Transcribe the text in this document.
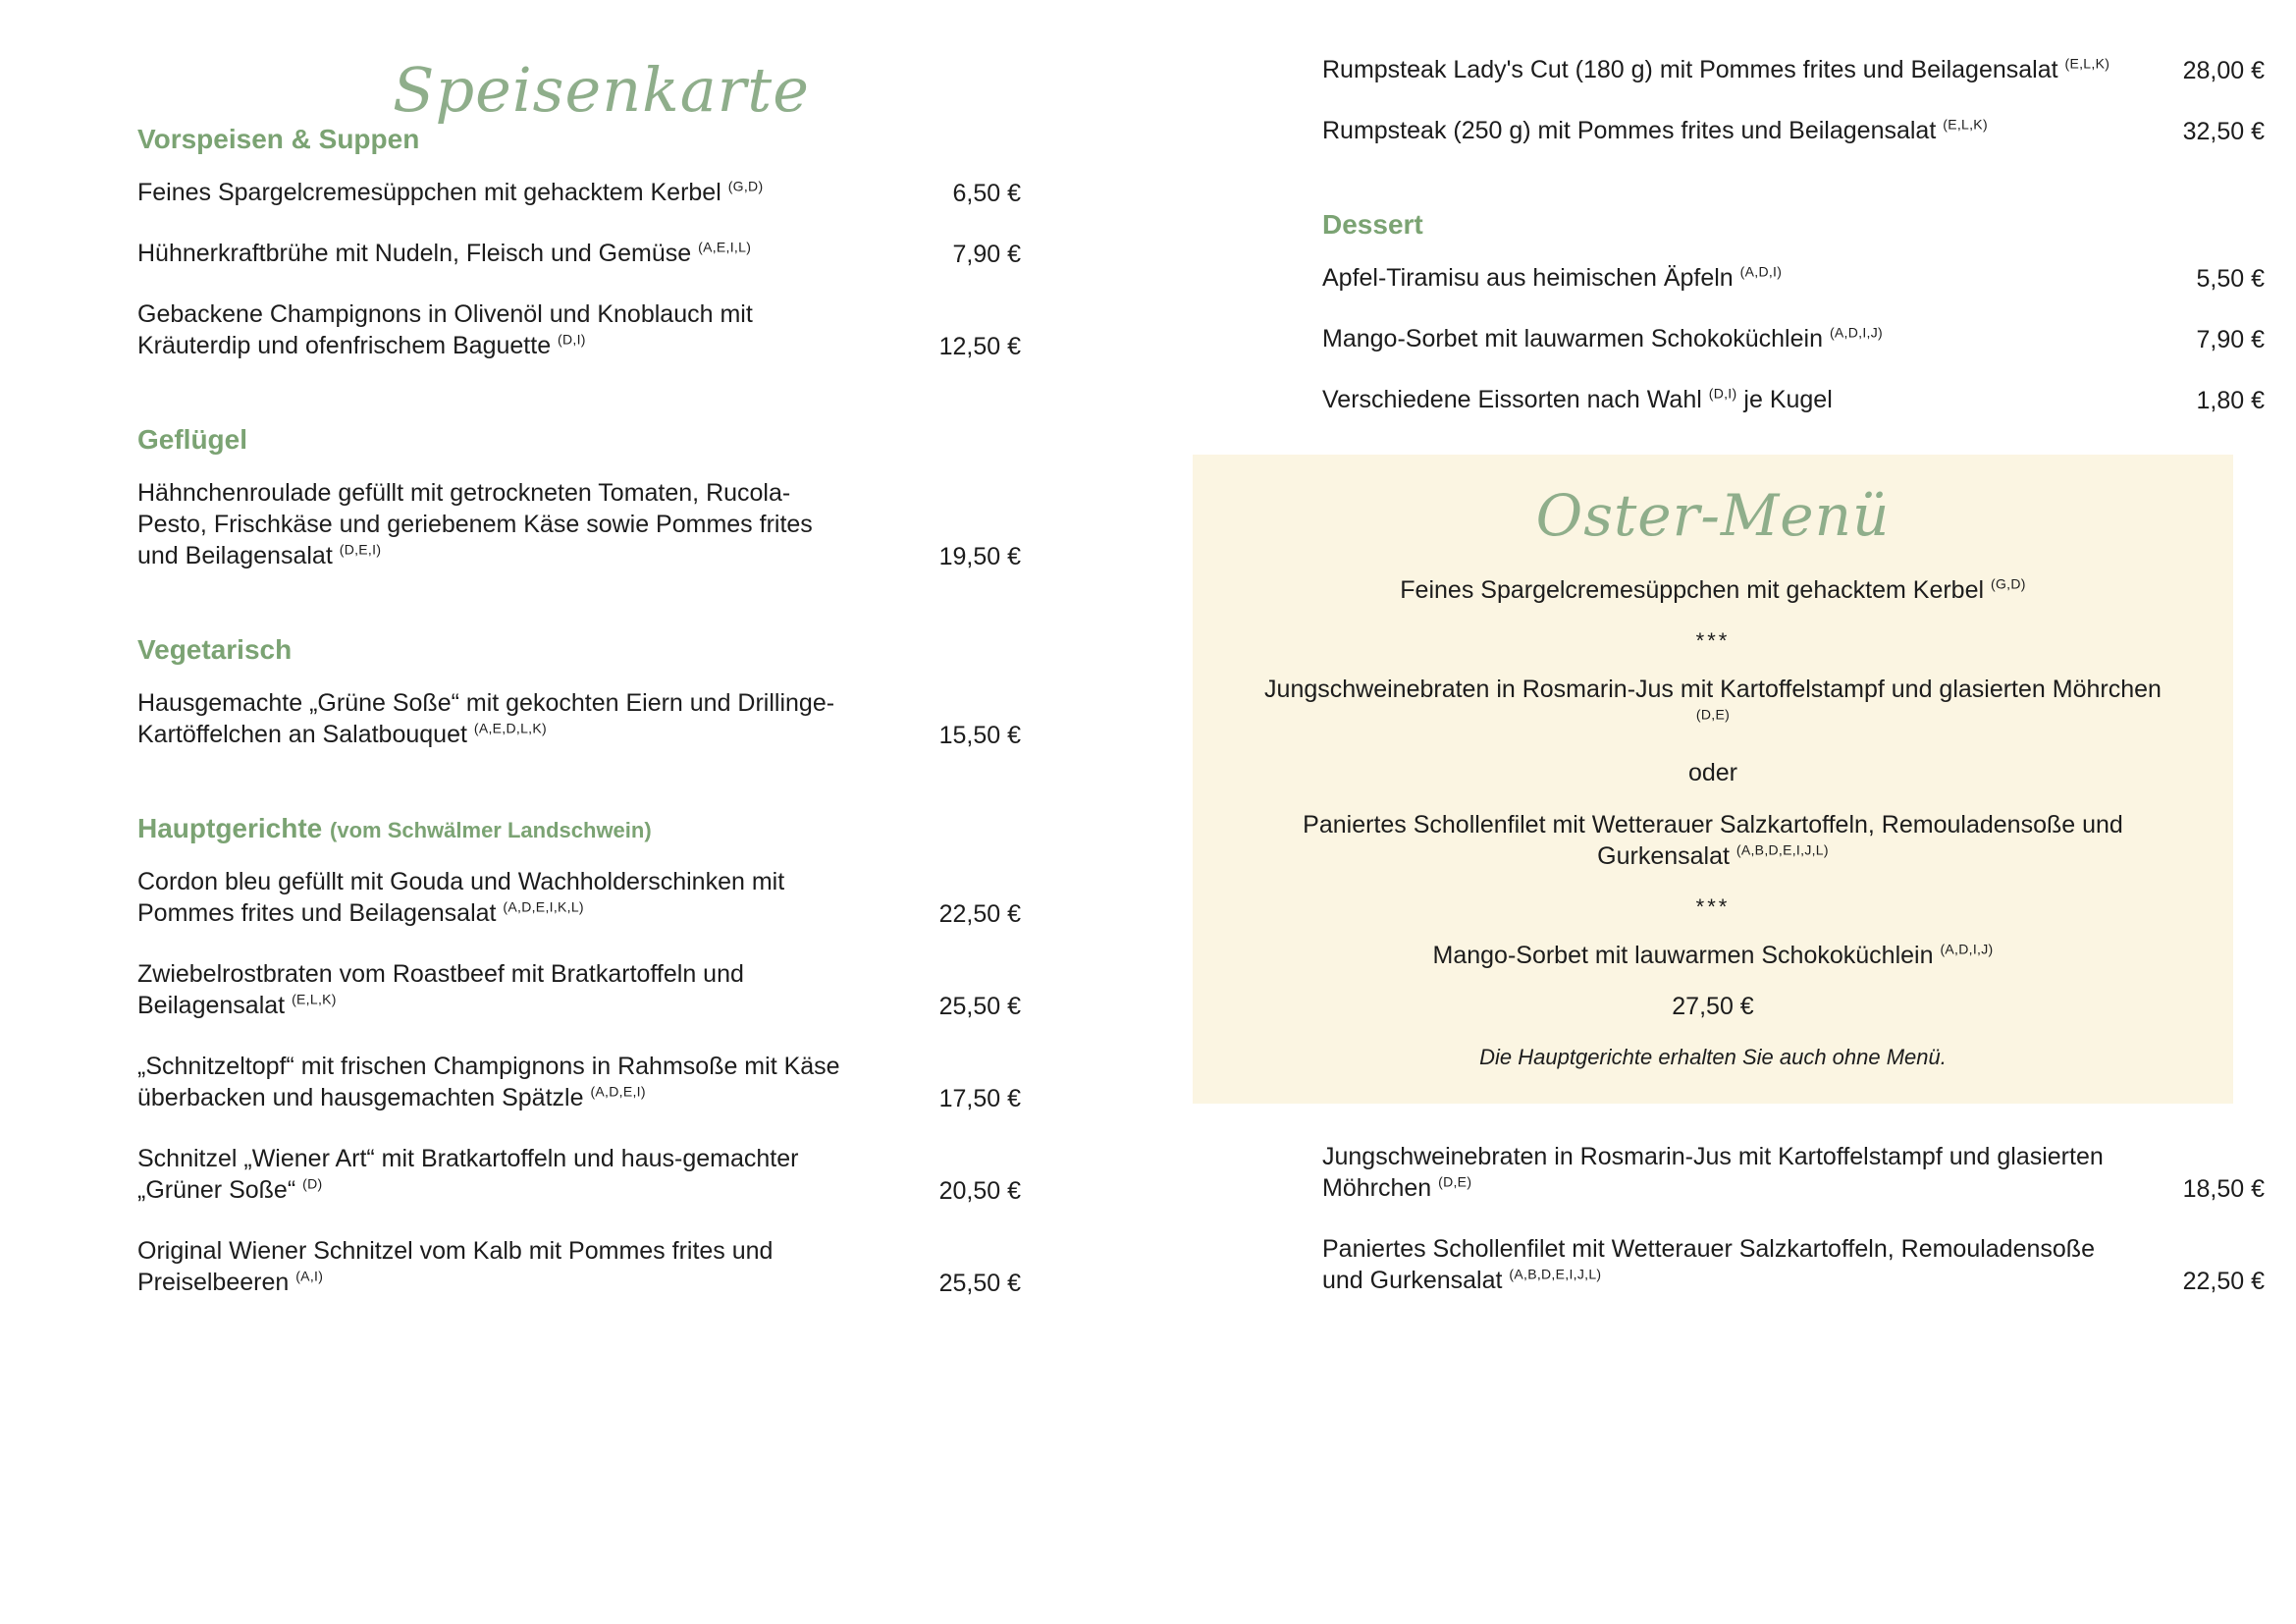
Speisenkarte
Vorspeisen & Suppen
Feines Spargelcremesüppchen mit gehacktem Kerbel $^{(G,D)}$	6,50 €
Hühnerkraftbrühe mit Nudeln, Fleisch und Gemüse $^{(A,E,I,L)}$	7,90 €
Gebackene Champignons in Olivenöl und Knoblauch mit Kräuterdip und ofenfrischem Baguette $^{(D,I)}$	12,50 €
Geflügel
Hähnchenroulade gefüllt mit getrockneten Tomaten, Rucola-Pesto, Frischkäse und geriebenem Käse sowie Pommes frites und Beilagensalat $^{(D,E,I)}$	19,50 €
Vegetarisch
Hausgemachte „Grüne Soße“ mit gekochten Eiern und Drillinge-Kartöffelchen an Salatbouquet $^{(A,E,D,L,K)}$	15,50 €
Hauptgerichte (vom Schwälmer Landschwein)
Cordon bleu gefüllt mit Gouda und Wachholderschinken mit Pommes frites und Beilagensalat $^{(A,D,E,I,K,L)}$	22,50 €
Zwiebelrostbraten vom Roastbeef mit Bratkartoffeln und Beilagensalat $^{(E,L,K)}$	25,50 €
„Schnitzeltopf“ mit frischen Champignons in Rahmsoße mit Käse überbacken und hausgemachten Spätzle $^{(A,D,E,I)}$	17,50 €
Schnitzel „Wiener Art“ mit Bratkartoffeln und haus-gemachter „Grüner Soße“ $^{(D)}$	20,50 €
Original Wiener Schnitzel vom Kalb mit Pommes frites und Preiselbeeren $^{(A,I)}$	25,50 €
Rumpsteak Lady's Cut (180 g) mit Pommes frites und Beilagensalat $^{(E,L,K)}$	28,00 €
Rumpsteak (250 g) mit Pommes frites und Beilagensalat $^{(E,L,K)}$	32,50 €
Dessert
Apfel-Tiramisu aus heimischen Äpfeln $^{(A,D,I)}$	5,50 €
Mango-Sorbet mit lauwarmen Schokoküchlein $^{(A,D,I,J)}$	7,90 €
Verschiedene Eissorten nach Wahl $^{(D,I)}$ je Kugel	1,80 €
Oster-Menü
Feines Spargelcremesüppchen mit gehacktem Kerbel $^{(G,D)}$
***
Jungschweinebraten in Rosmarin-Jus mit Kartoffelstampf und glasierten Möhrchen $^{(D,E)}$
oder
Paniertes Schollenfilet mit Wetterauer Salzkartoffeln, Remouladensoße und Gurkensalat $^{(A,B,D,E,I,J,L)}$
***
Mango-Sorbet mit lauwarmen Schokoküchlein $^{(A,D,I,J)}$
27,50 €
Die Hauptgerichte erhalten Sie auch ohne Menü.
Jungschweinebraten in Rosmarin-Jus mit Kartoffelstampf und glasierten Möhrchen $^{(D,E)}$	18,50 €
Paniertes Schollenfilet mit Wetterauer Salzkartoffeln, Remouladensoße und Gurkensalat $^{(A,B,D,E,I,J,L)}$	22,50 €
